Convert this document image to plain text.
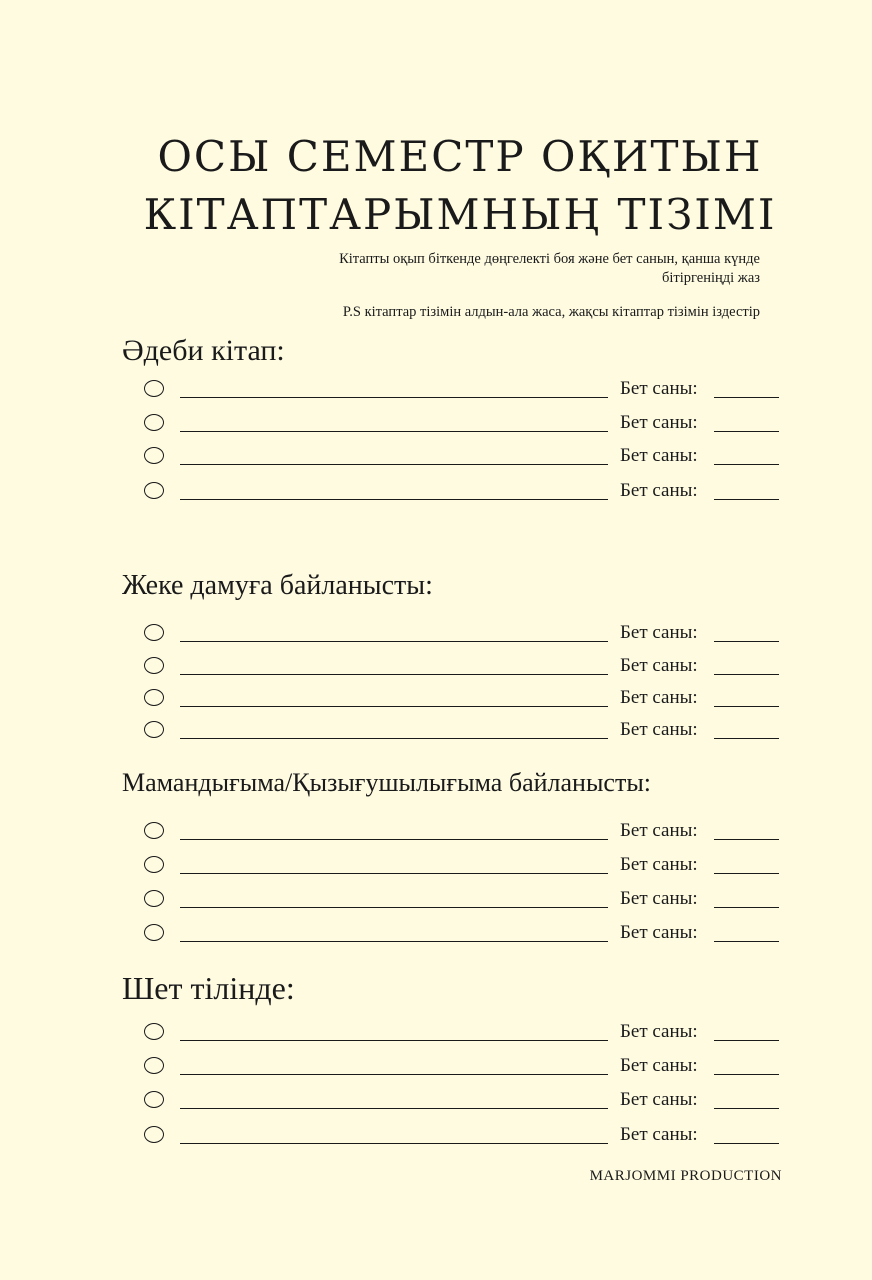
ОСЫ СЕМЕСТР ОҚИТЫН
КІТАПТАРЫМНЫҢ ТІЗІМІ
Кітапты оқып біткенде дөңгелекті боя және бет санын, қанша күнде
бітіргеніңді жаз
P.S кітаптар тізімін алдын-ала жаса, жақсы кітаптар тізімін іздестір
Әдеби кітап:
Бет саны:
Бет саны:
Бет саны:
Бет саны:
Жеке дамуға байланысты:
Бет саны:
Бет саны:
Бет саны:
Бет саны:
Мамандығыма/Қызығушылығыма байланысты:
Бет саны:
Бет саны:
Бет саны:
Бет саны:
Шет тілінде:
Бет саны:
Бет саны:
Бет саны:
Бет саны:
MARJOMMI PRODUCTION
